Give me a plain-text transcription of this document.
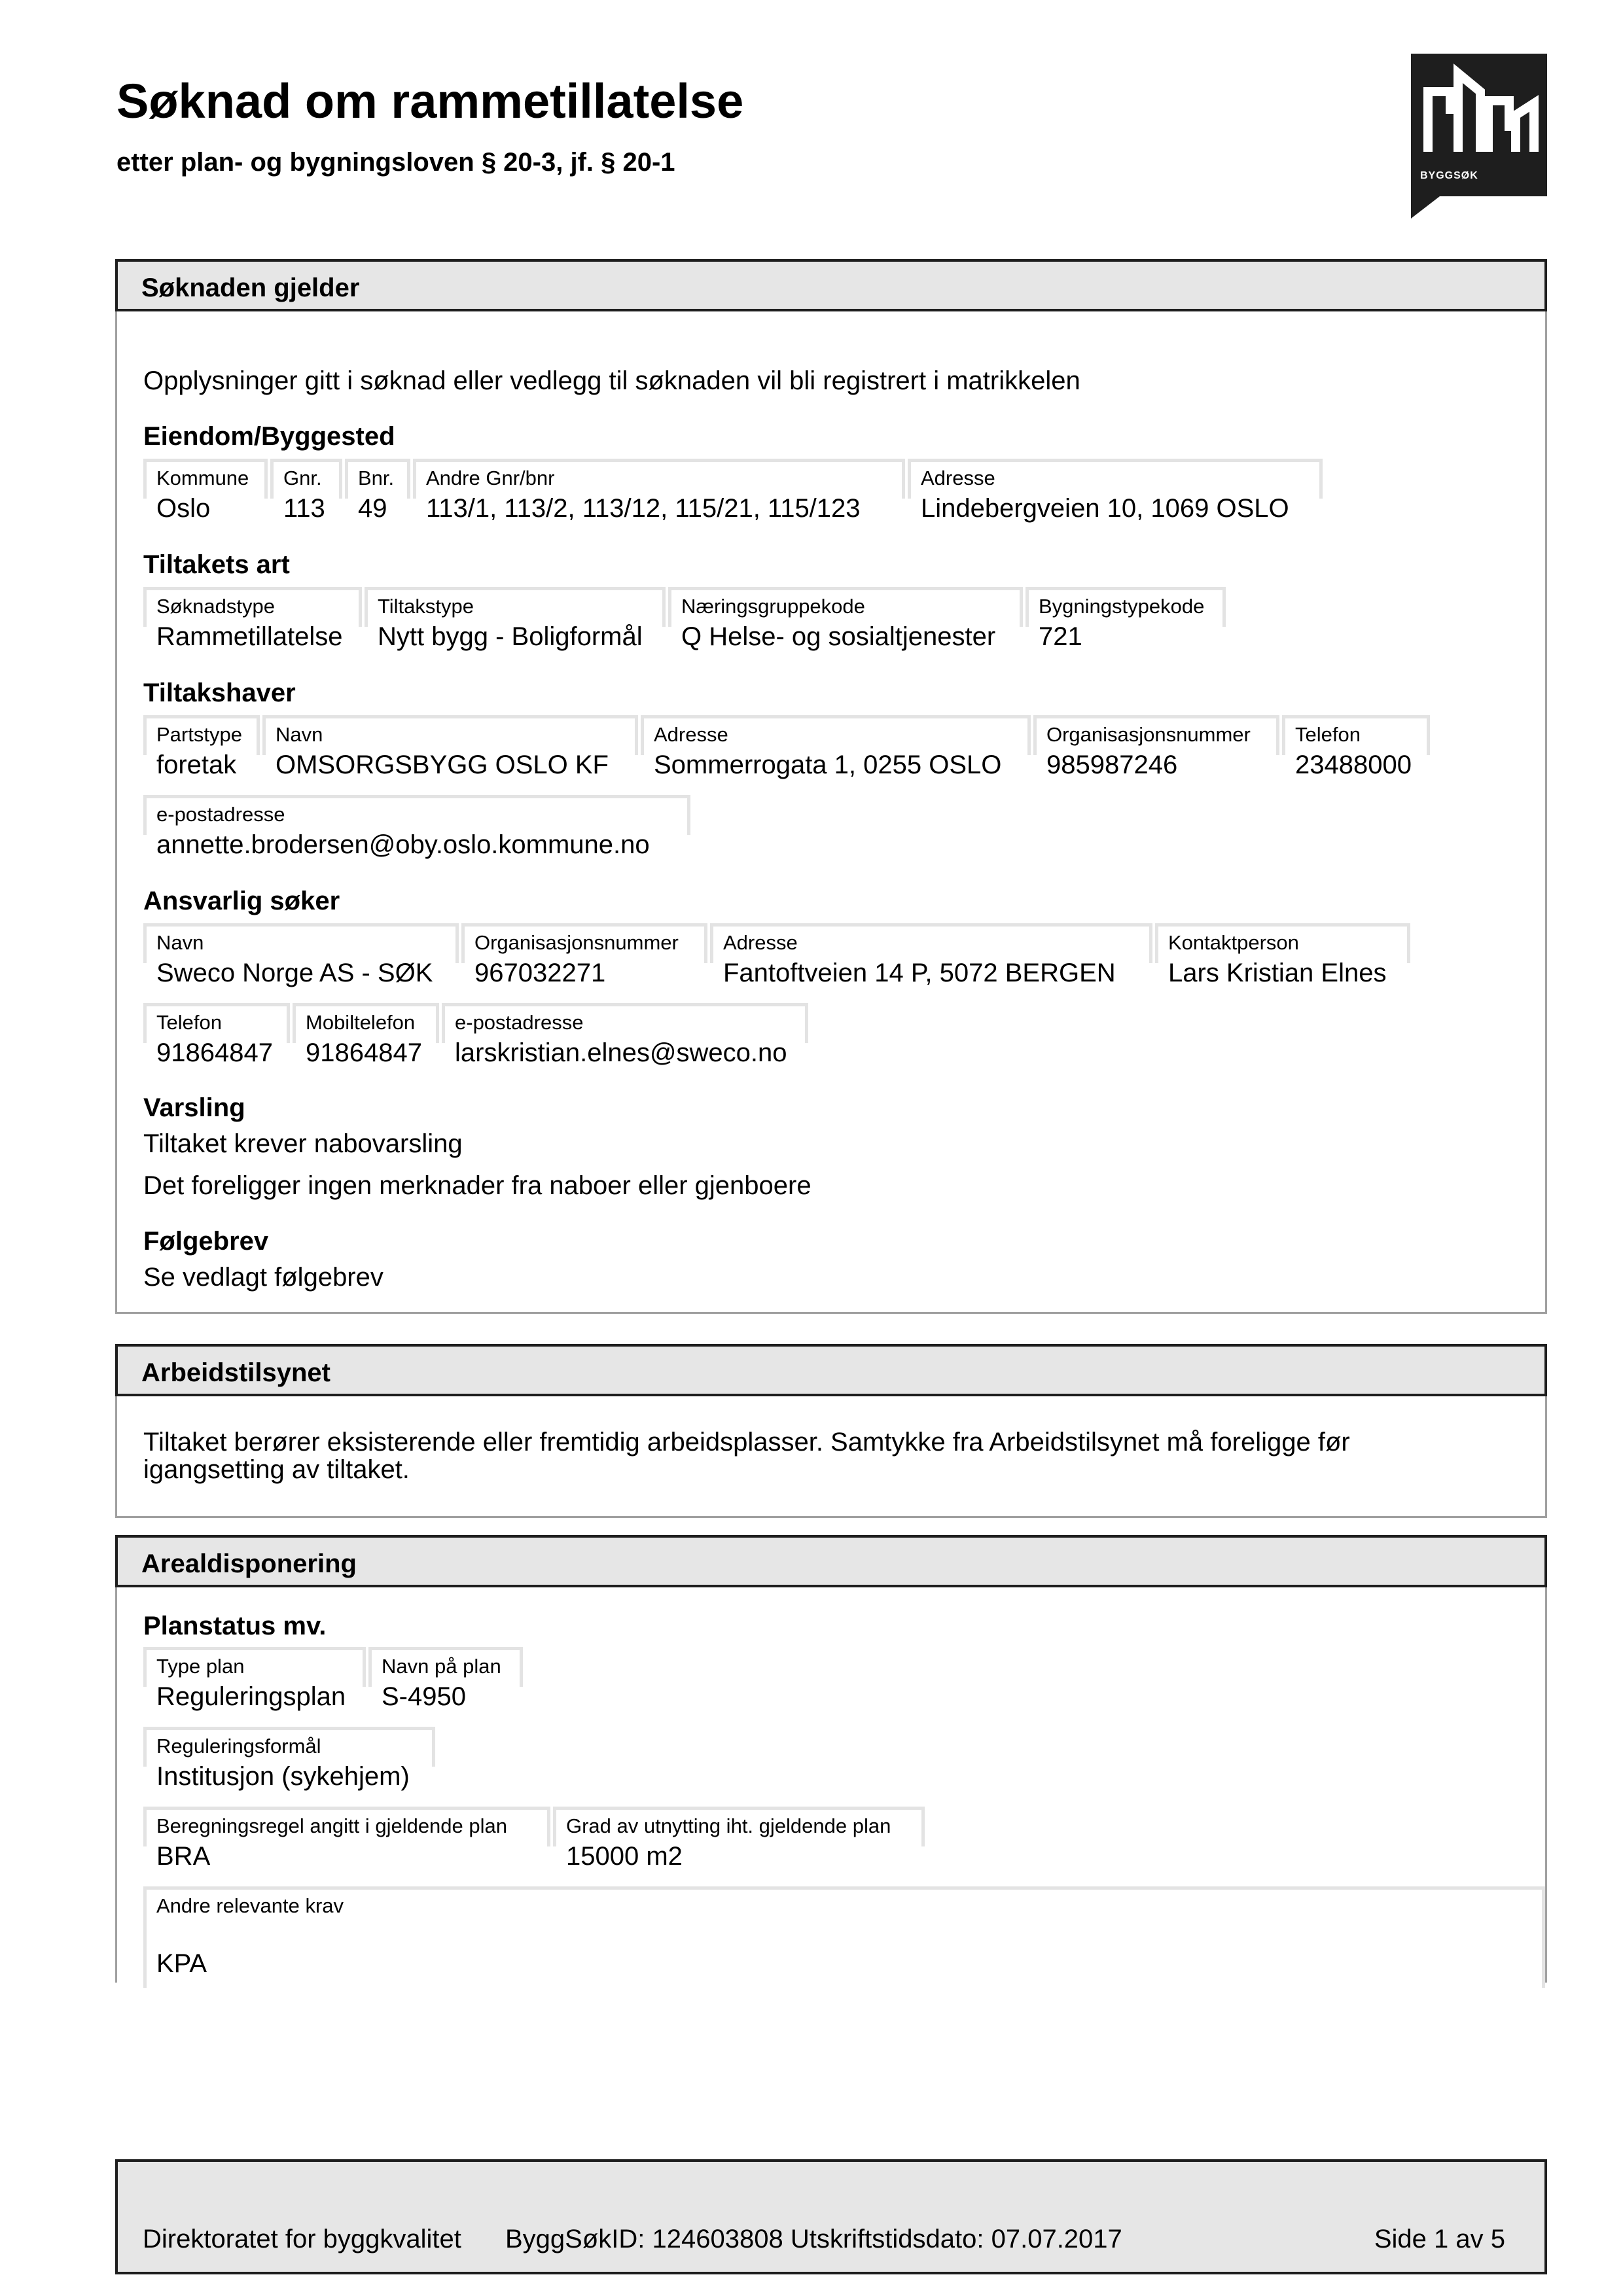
Søknad om rammetillatelse
etter plan- og bygningsloven § 20-3, jf. § 20-1	BYGGSØK
Søknaden gjelder
Opplysninger gitt i søknad eller vedlegg til søknaden vil bli registrert i matrikkelen
Eiendom/Byggested
Kommune
Oslo
Gnr.
113
Bnr.
49
Andre Gnr/bnr
113/1, 113/2, 113/12, 115/21, 115/123
Adresse
Lindebergveien 10, 1069 OSLO
Tiltakets art
Søknadstype
Rammetillatelse
Tiltakstype
Nytt bygg - Boligformål
Næringsgruppekode
Q Helse- og sosialtjenester
Bygningstypekode
721
Tiltakshaver
Partstype
foretak
Navn
OMSORGSBYGG OSLO KF
Adresse
Sommerrogata 1, 0255 OSLO
Organisasjonsnummer
985987246
Telefon
23488000
e-postadresse
annette.brodersen@oby.oslo.kommune.no
Ansvarlig søker
Navn
Sweco Norge AS - SØK
Organisasjonsnummer
967032271
Adresse
Fantoftveien 14 P, 5072 BERGEN
Kontaktperson
Lars Kristian Elnes
Telefon
91864847
Mobiltelefon
91864847
e-postadresse
larskristian.elnes@sweco.no
Varsling
Tiltaket krever nabovarsling
Det foreligger ingen merknader fra naboer eller gjenboere
Følgebrev
Se vedlagt følgebrev
Arbeidstilsynet
Tiltaket berører eksisterende eller fremtidig arbeidsplasser. Samtykke fra Arbeidstilsynet må foreligge før
igangsetting av tiltaket.
Arealdisponering
Planstatus mv.
Type plan
Reguleringsplan
Navn på plan
S-4950
Reguleringsformål
Institusjon (sykehjem)
Beregningsregel angitt i gjeldende plan
BRA
Grad av utnytting iht. gjeldende plan
15000 m2
Andre relevante krav
KPA
Direktoratet for byggkvalitet ByggSøkID: 124603808 Utskriftstidsdato: 07.07.2017	Side 1 av 5
